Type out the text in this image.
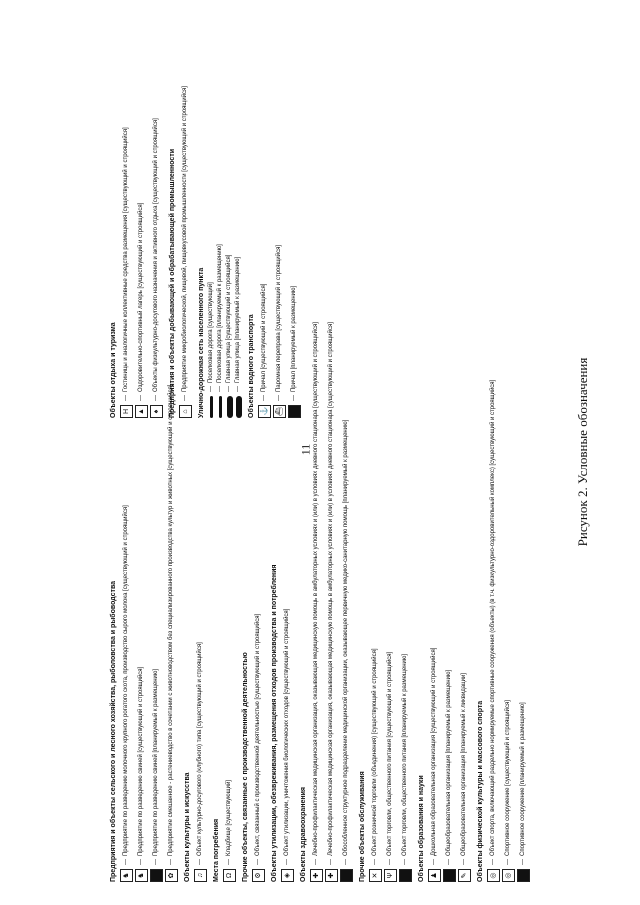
11	Рисунок 2. Условные обозначения
Предприятия и объекты сельского и лесного хозяйства, рыболовства и рыбоводства ♞
—
Предприятие по разведению молочного крупного рогатого скота, производство сырого молока [существующий и строящийся]
♞
—
Предприятие по разведению свиней [существующий и строящийся]
—
Предприятие по разведению свиней [планируемый к размещению]
✿
—
Предприятие смешанное - растениеводство в сочетании с животноводством без специализированного производства культур и животных [существующий и строящийся] Объекты культуры и искусства ♫
—
Объект культурно-досугового (клубного) типа [существующий и строящийся] Места погребения Ω
—
Кладбище [существующий] Прочие объекты, связанные с производственной деятельностью ⚙
—
Объект, связанный с производственной деятельностью [существующий и строящийся] Объекты утилизации, обезвреживания, размещения отходов производства и потребления ◈
—
Объект утилизации, уничтожения биологических отходов [существующий и строящийся] Объекты здравоохранения ✚
—
Лечебно-профилактическая медицинская организация, оказывающая медицинскую помощь в амбулаторных условиях и (или) в условиях дневного стационара [существующий и строящийся]
✚
—
Лечебно-профилактическая медицинская организация, оказывающая медицинскую помощь в амбулаторных условиях и (или) в условиях дневного стационара [существующий и строящийся]
—
Обособленное структурное подразделение медицинской организации, оказывающее первичную медико-санитарную помощь [планируемый к размещению] Прочие объекты обслуживания ✕
—
Объект розничной торговли (объединения) [существующий и строящийся]
Ψ
—
Объект торговли, общественного питания [существующий и строящийся]
—
Объект торговли, общественного питания [планируемый к размещению] Объекты образования и науки ♟
—
Дошкольная образовательная организация [существующий и строящийся]
—
Общеобразовательная организация [планируемый к размещению]
✎
—
Общеобразовательная организация [планируемый к ликвидации] Объекты физической культуры и массового спорта ◎
—
Объект спорта, включающий раздельно нормируемые спортивные сооружения (объекты) (в т.ч. физкультурно-оздоровительный комплекс) [существующий и строящийся]
◎
—
Спортивное сооружение [существующий и строящийся]
—
Спортивное сооружение [планируемый к размещению]
Объекты отдыха и туризма H
—
Гостиницы и аналогичные коллективные средства размещения [существующий и строящийся]
▲
—
Оздоровительно-спортивный лагерь [существующий и строящийся]
♠
—
Объекты физкультурно-досугового назначения и активного отдыха [существующий и строящийся] Предприятия и объекты добывающей и обрабатывающей промышленности ⌂
—
Предприятие микробиологической, пищевой, пищевкусовой промышленности [существующий и строящийся] Улично-дорожная сеть населенного пункта —
Поселковая дорога [существующий]
—
Поселковая дорога [планируемый к размещению]
—
Главная улица [существующий и строящийся]
—
Главная улица [планируемый к размещению] Объекты водного транспорта ⚓
—
Причал [существующий и строящийся]
⛴
—
Паромная переправа [существующий и строящийся]
—
Причал [планируемый к размещению]
